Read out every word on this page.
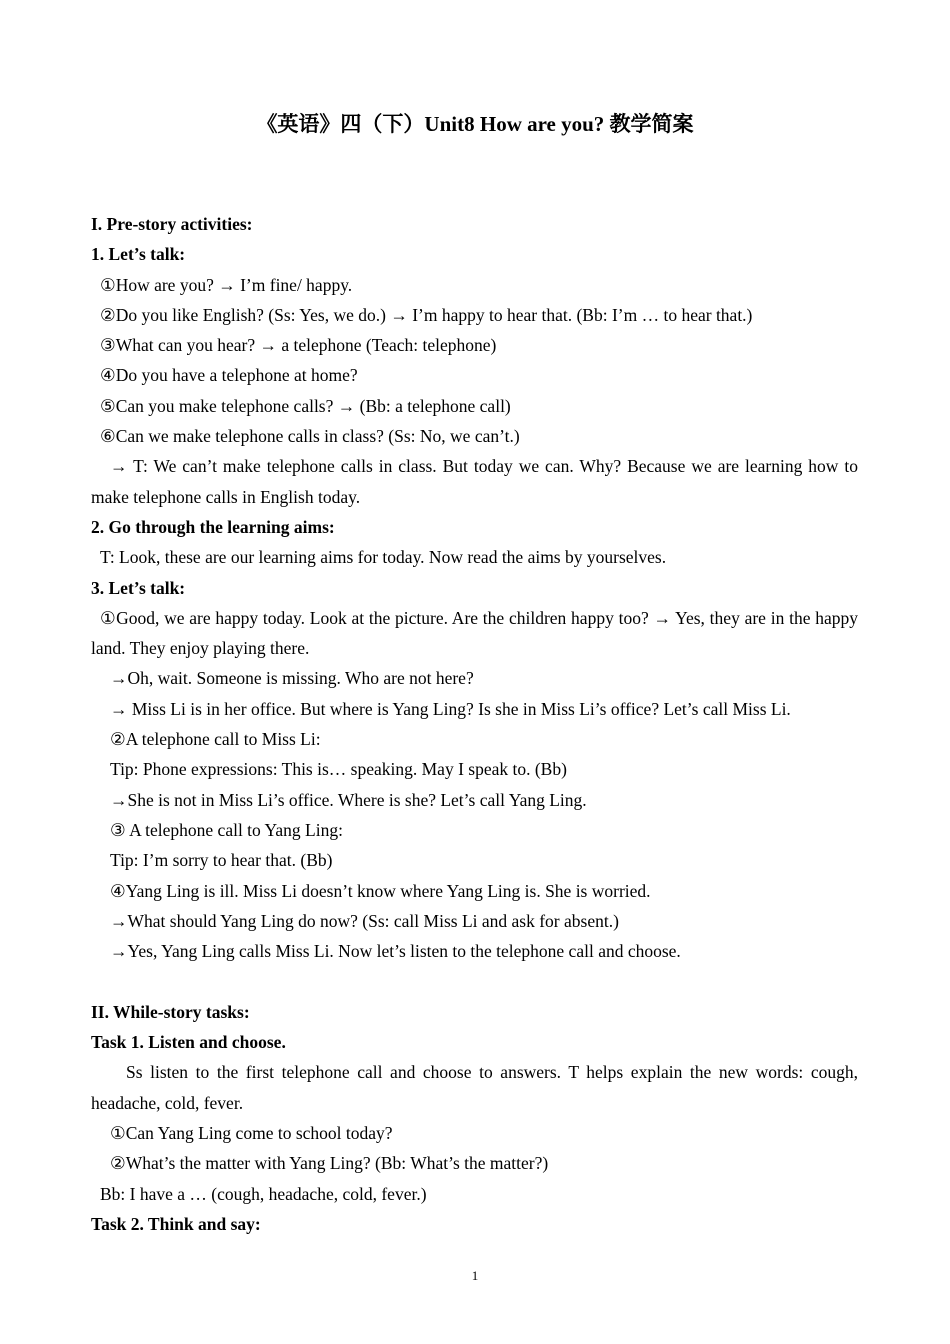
《英语》四（下）Unit8 How are you? 教学简案

I. Pre-story activities:

1. Let’s talk:

①How are you? → I’m fine/ happy.

②Do you like English? (Ss: Yes, we do.) → I’m happy to hear that. (Bb: I’m … to hear that.)

③What can you hear? → a telephone (Teach: telephone)

④Do you have a telephone at home?

⑤Can you make telephone calls? → (Bb: a telephone call)

⑥Can we make telephone calls in class? (Ss: No, we can’t.)

→ T: We can’t make telephone calls in class. But today we can. Why? Because we are learning how to make telephone calls in English today.

2. Go through the learning aims:

T: Look, these are our learning aims for today. Now read the aims by yourselves.

3. Let’s talk:

①Good, we are happy today. Look at the picture. Are the children happy too? → Yes, they are in the happy land. They enjoy playing there.

→Oh, wait. Someone is missing. Who are not here?

→ Miss Li is in her office. But where is Yang Ling? Is she in Miss Li’s office? Let’s call Miss Li.

②A telephone call to Miss Li:

Tip: Phone expressions: This is… speaking. May I speak to. (Bb)

→She is not in Miss Li’s office. Where is she? Let’s call Yang Ling.

③ A telephone call to Yang Ling:

Tip: I’m sorry to hear that. (Bb)

④Yang Ling is ill. Miss Li doesn’t know where Yang Ling is. She is worried.

→What should Yang Ling do now? (Ss: call Miss Li and ask for absent.)

→Yes, Yang Ling calls Miss Li. Now let’s listen to the telephone call and choose.

II. While-story tasks:

Task 1. Listen and choose.

Ss listen to the first telephone call and choose to answers. T helps explain the new words: cough, headache, cold, fever.

①Can Yang Ling come to school today?

②What’s the matter with Yang Ling? (Bb: What’s the matter?)

Bb: I have a … (cough, headache, cold, fever.)

Task 2. Think and say:

1
